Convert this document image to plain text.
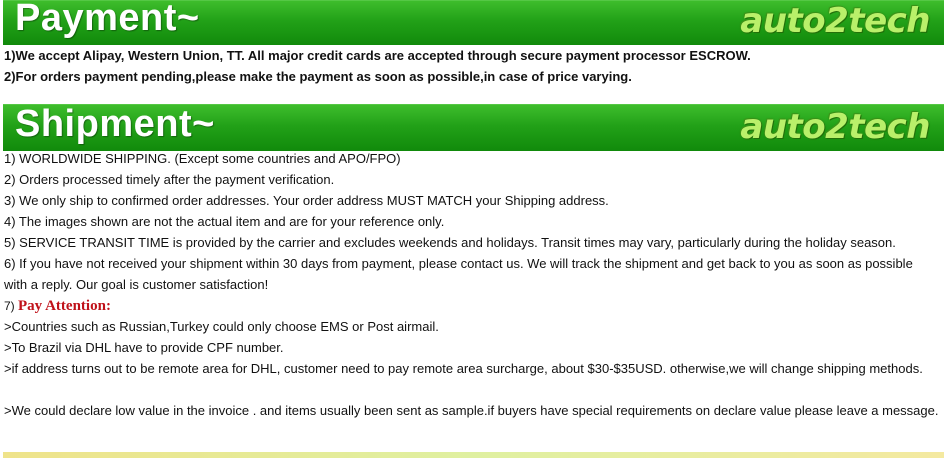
Payment~	auto2tech
1)We accept Alipay, Western Union, TT. All major credit cards are accepted through secure payment processor ESCROW.
2)For orders payment pending,please make the payment as soon as possible,in case of price varying.
Shipment~	auto2tech
1) WORLDWIDE SHIPPING. (Except some countries and APO/FPO)
2) Orders processed timely after the payment verification.
3) We only ship to confirmed order addresses. Your order address MUST MATCH your Shipping address.
4) The images shown are not the actual item and are for your reference only.
5) SERVICE TRANSIT TIME is provided by the carrier and excludes weekends and holidays. Transit times may vary, particularly during the holiday season.
6) If you have not received your shipment within 30 days from payment, please contact us. We will track the shipment and get back to you as soon as possible with a reply. Our goal is customer satisfaction!
7) Pay Attention:
>Countries such as Russian,Turkey could only choose EMS or Post airmail.
>To Brazil via DHL have to provide CPF number.
>if address turns out to be remote area for DHL, customer need to pay remote area surcharge, about $30-$35USD. otherwise,we will change shipping methods.
>We could declare low value in the invoice . and items usually been sent as sample.if buyers have special requirements on declare value please leave a message.
